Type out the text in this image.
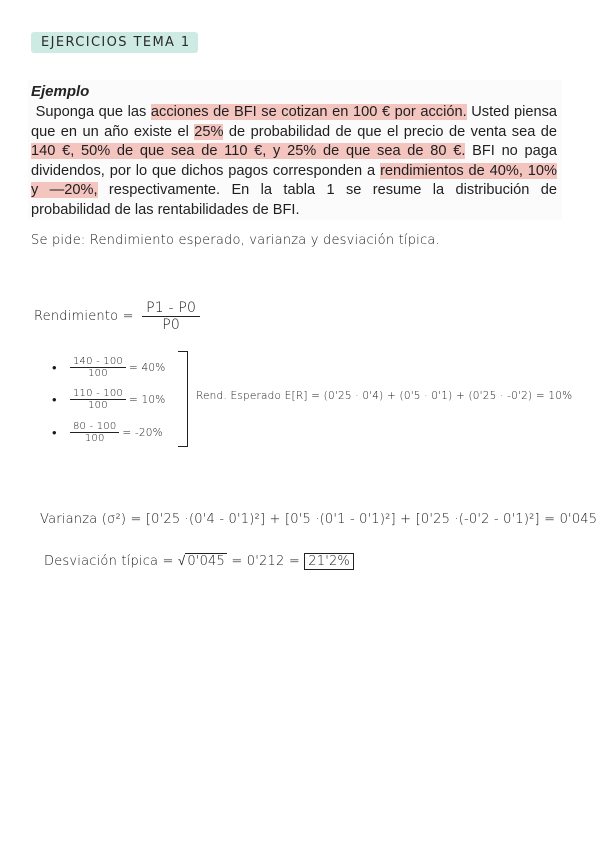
EJERCICIOS TEMA 1
Ejemplo
Suponga que las acciones de BFI se cotizan en 100 € por acción. Usted piensa que en un año existe el 25% de probabilidad de que el precio de venta sea de 140 €, 50% de que sea de 110 €, y 25% de que sea de 80 €. BFI no paga dividendos, por lo que dichos pagos corresponden a rendimientos de 40%, 10% y —20%, respectivamente. En la tabla 1 se resume la distribución de probabilidad de las rentabilidades de BFI.
Se pide: Rendimiento esperado, varianza y desviación típica.
Rendimiento = $\frac{P1 - P0}{P0}$
•	$\frac{140 - 100}{100} = 40\%$
•	$\frac{110 - 100}{100} = 10\%$
•	$\frac{80 - 100}{100} = -20\%$
Rend. Esperado E[R] = (0'25 · 0'4) + (0'5 · 0'1) + (0'25 · -0'2) = 10%
Varianza (σ²) = [0'25 ·(0'4 - 0'1)²] + [0'5 ·(0'1 - 0'1)²] + [0'25 ·(-0'2 - 0'1)²] = 0'045
Desviación típica = √ 0'045 = 0'212 = 21'2%
